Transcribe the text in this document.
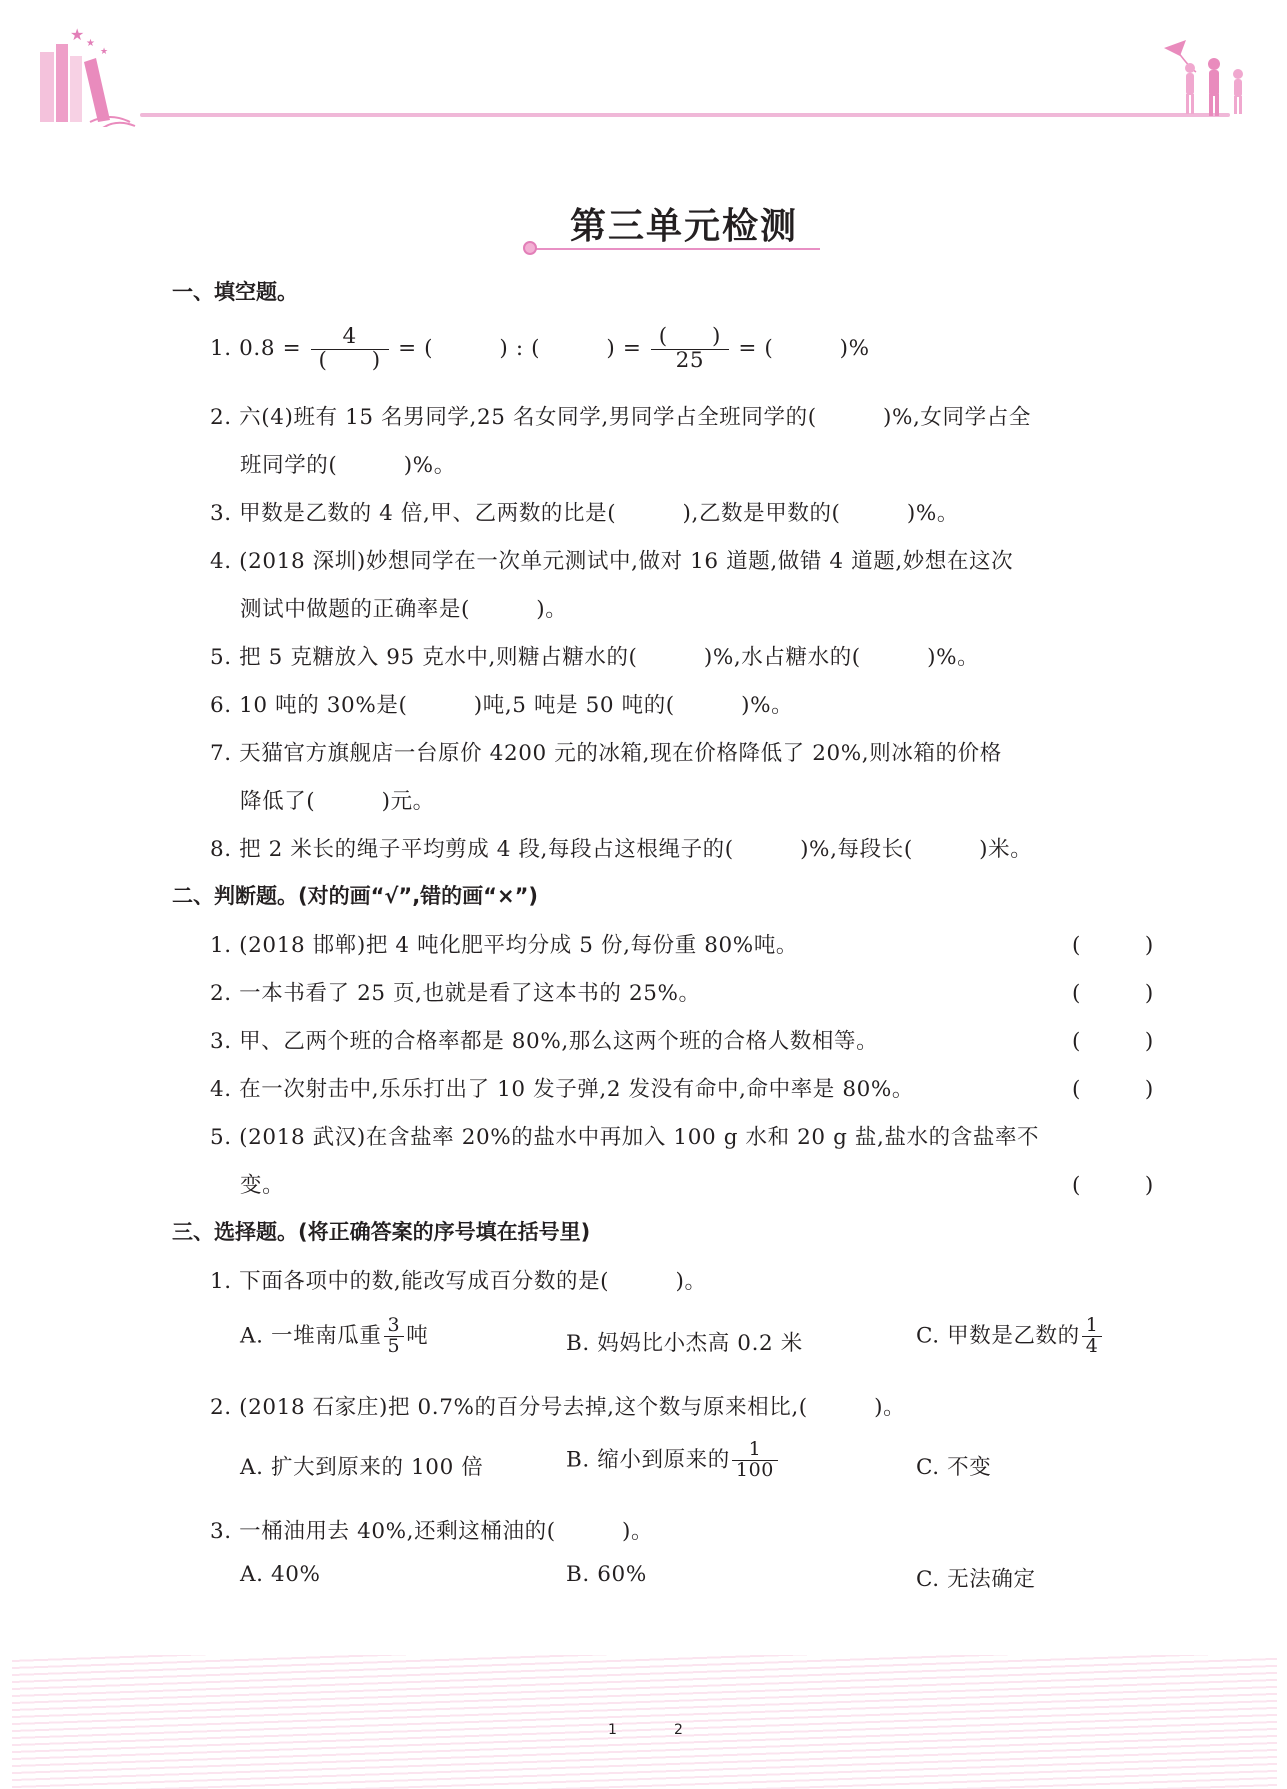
★ ★
★
第三单元检测
一、填空题。
1. $0.8 = \frac{4}{( )}$ = (　　　) : (　　　) = $\frac{( )}{25}$ = (　　　)%
2. 六(4)班有 15 名男同学,25 名女同学,男同学占全班同学的(　　　)%,女同学占全
班同学的(　　　)%。
3. 甲数是乙数的 4 倍,甲、乙两数的比是(　　　),乙数是甲数的(　　　)%。
4. (2018 深圳)妙想同学在一次单元测试中,做对 16 道题,做错 4 道题,妙想在这次
测试中做题的正确率是(　　　)。
5. 把 5 克糖放入 95 克水中,则糖占糖水的(　　　)%,水占糖水的(　　　)%。
6. 10 吨的 30%是(　　　)吨,5 吨是 50 吨的(　　　)%。
7. 天猫官方旗舰店一台原价 4200 元的冰箱,现在价格降低了 20%,则冰箱的价格
降低了(　　　)元。
8. 把 2 米长的绳子平均剪成 4 段,每段占这根绳子的(　　　)%,每段长(　　　)米。
二、判断题。(对的画“√”,错的画“×”)
1. (2018 邯郸)把 4 吨化肥平均分成 5 份,每份重 80%吨。	(　　　)
2. 一本书看了 25 页,也就是看了这本书的 25%。	(　　　)
3. 甲、乙两个班的合格率都是 80%,那么这两个班的合格人数相等。	(　　　)
4. 在一次射击中,乐乐打出了 10 发子弹,2 发没有命中,命中率是 80%。	(　　　)
5. (2018 武汉)在含盐率 20%的盐水中再加入 100 g 水和 20 g 盐,盐水的含盐率不
变。	(　　　)
三、选择题。(将正确答案的序号填在括号里)
1. 下面各项中的数,能改写成百分数的是(　　　)。
A. 一堆南瓜重 $\frac{3}{5}$ 吨	B. 妈妈比小杰高 0.2 米	C. 甲数是乙数的 $\frac{1}{4}$
2. (2018 石家庄)把 0.7%的百分号去掉,这个数与原来相比,(　　　)。
A. 扩大到原来的 100 倍	B. 缩小到原来的 $\frac{1}{100}$	C. 不变
3. 一桶油用去 40%,还剩这桶油的(　　　)。
A. 40%	B. 60%	C. 无法确定
1	2
